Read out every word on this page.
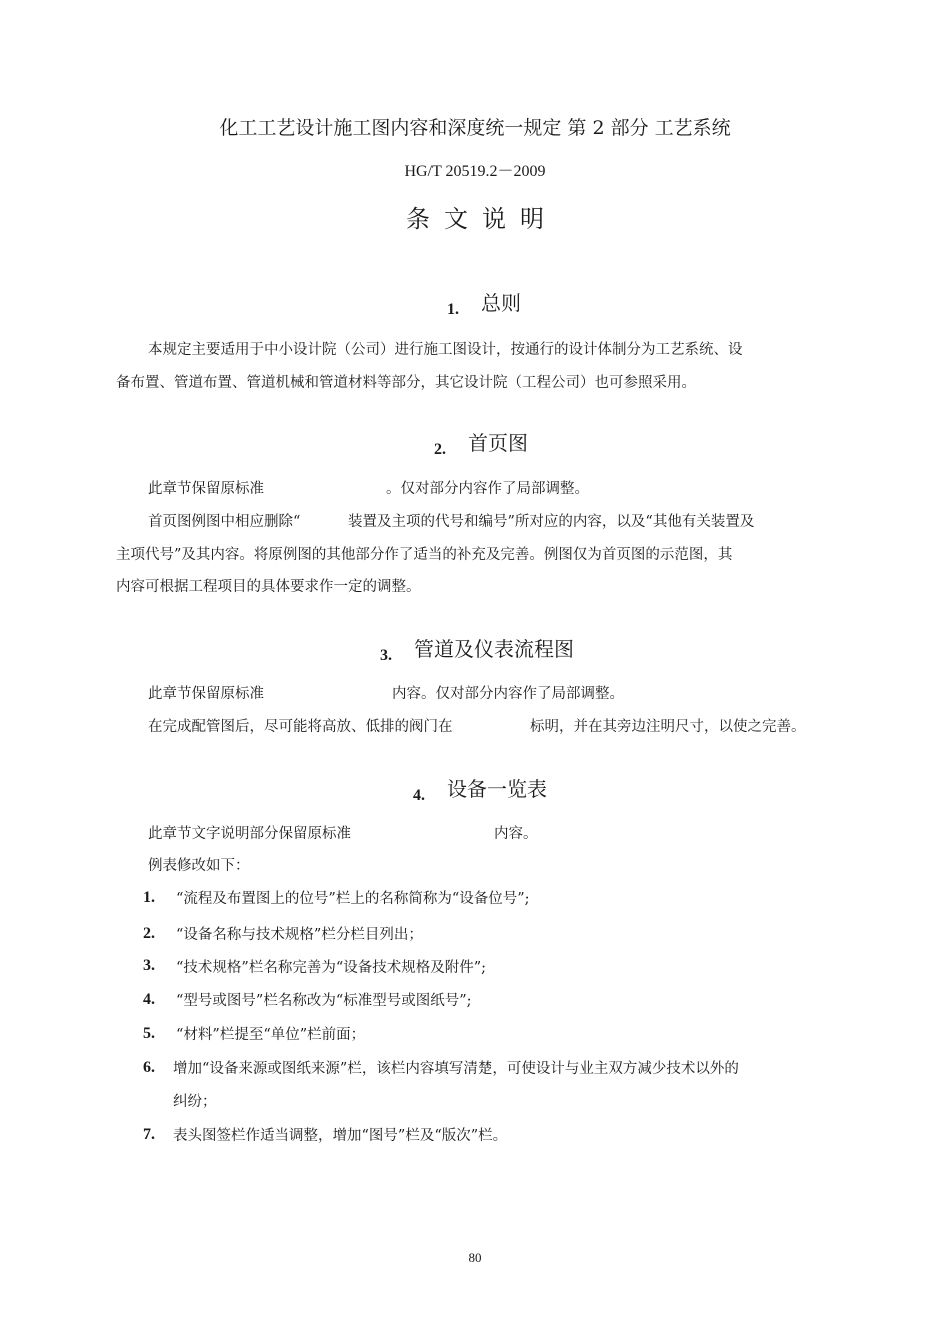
化工工艺设计施工图内容和深度统一规定 第 2 部分 工艺系统
HG/T 20519.2－2009
条文说明
1. 总则
本规定主要适用于中小设计院（公司）进行施工图设计，按通行的设计体制分为工艺系统、设
备布置、管道布置、管道机械和管道材料等部分，其它设计院（工程公司）也可参照采用。
2. 首页图
此章节保留原标准	。仅对部分内容作了局部调整。
首页图例图中相应删除“	装置及主项的代号和编号”所对应的内容，以及“其他有关装置及
主项代号”及其内容。将原例图的其他部分作了适当的补充及完善。例图仅为首页图的示范图，其
内容可根据工程项目的具体要求作一定的调整。
3. 管道及仪表流程图
此章节保留原标准	内容。仅对部分内容作了局部调整。
在完成配管图后，尽可能将高放、低排的阀门在	标明，并在其旁边注明尺寸，以使之完善。
4. 设备一览表
此章节文字说明部分保留原标准	内容。
例表修改如下：
1. “流程及布置图上的位号”栏上的名称简称为“设备位号”;
2. “设备名称与技术规格”栏分栏目列出；
3. “技术规格”栏名称完善为“设备技术规格及附件”;
4. “型号或图号”栏名称改为“标准型号或图纸号”;
5. “材料”栏提至“单位”栏前面；
6. 增加“设备来源或图纸来源”栏，该栏内容填写清楚，可使设计与业主双方减少技术以外的
纠纷；
7. 表头图签栏作适当调整，增加“图号”栏及“版次”栏。
80
